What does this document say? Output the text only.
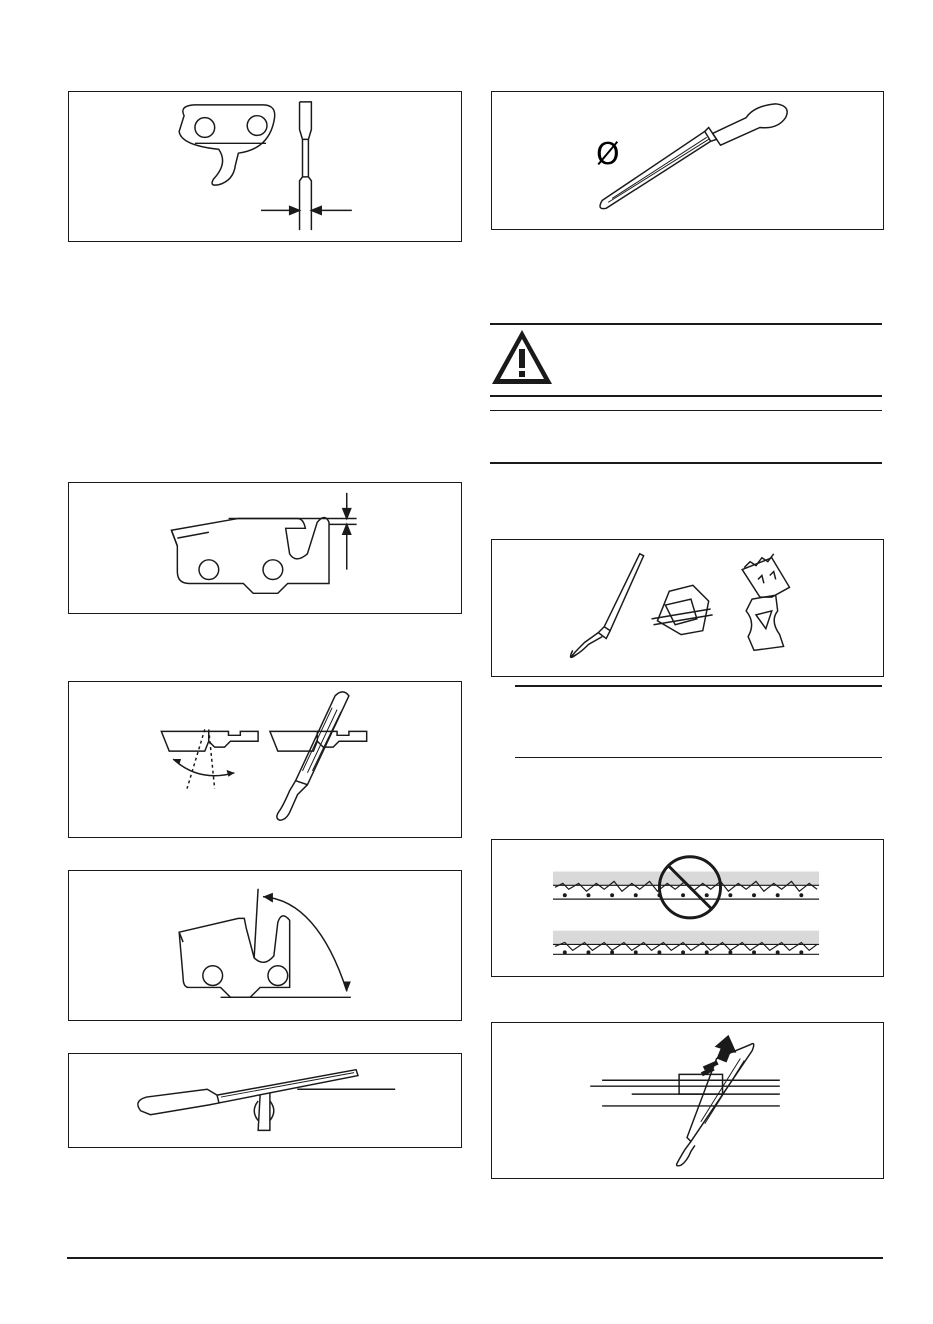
Ø
